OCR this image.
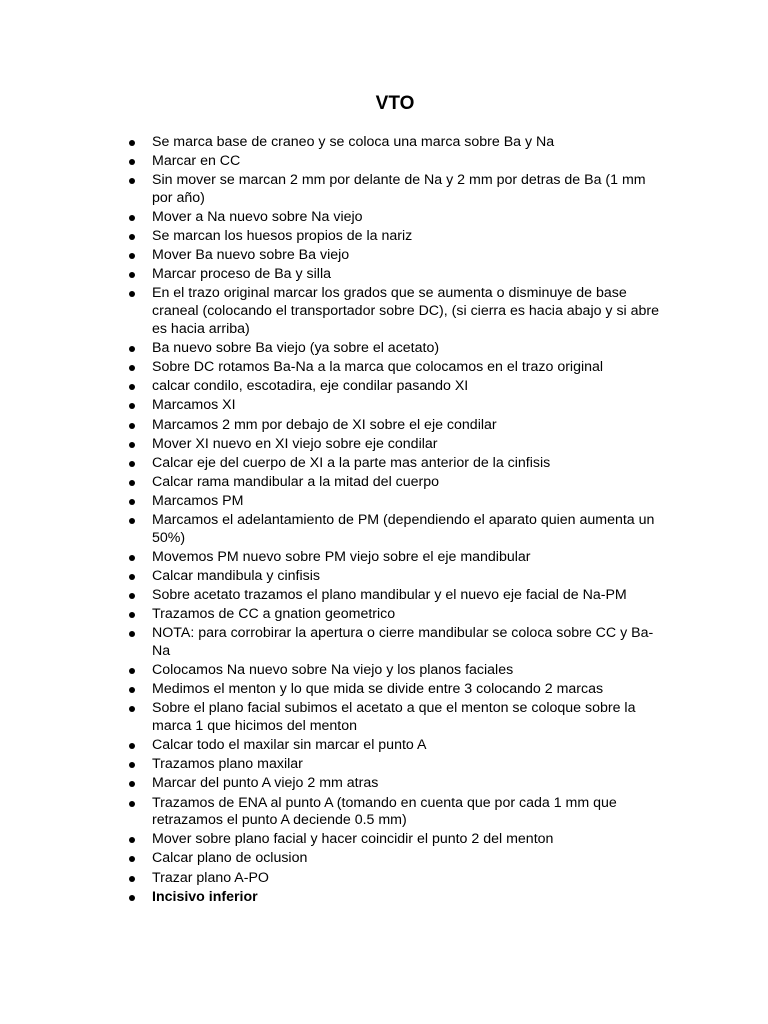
VTO
Se marca base de craneo y se coloca una marca sobre Ba y Na
Marcar en CC
Sin mover se marcan 2 mm por delante de Na y 2 mm por detras de Ba (1 mm por año)
Mover a Na nuevo sobre Na viejo
Se marcan los huesos propios de la nariz
Mover Ba nuevo sobre Ba viejo
Marcar proceso de Ba y silla
En el trazo original marcar los grados que se aumenta o disminuye de base craneal (colocando el transportador sobre DC), (si cierra es hacia abajo y si abre es hacia arriba)
Ba nuevo sobre Ba viejo (ya sobre el acetato)
Sobre DC rotamos Ba-Na a la marca que colocamos en el trazo original
calcar condilo, escotadira, eje condilar pasando XI
Marcamos XI
Marcamos 2 mm por debajo de XI sobre el eje condilar
Mover XI nuevo en XI viejo sobre eje condilar
Calcar eje del cuerpo de XI a la parte mas anterior de la cinfisis
Calcar rama mandibular a la mitad del cuerpo
Marcamos PM
Marcamos el adelantamiento de PM (dependiendo el aparato quien aumenta un 50%)
Movemos PM nuevo sobre PM viejo sobre el eje mandibular
Calcar mandibula y cinfisis
Sobre acetato trazamos el plano mandibular y el nuevo eje facial de Na-PM
Trazamos de CC a gnation geometrico
NOTA: para corrobirar la apertura o cierre mandibular se coloca sobre CC y Ba-Na
Colocamos Na nuevo sobre Na viejo y los planos faciales
Medimos el menton y lo que mida se divide entre 3 colocando 2 marcas
Sobre el plano facial subimos el acetato a que el menton se coloque sobre la marca 1 que hicimos del menton
Calcar todo el maxilar sin marcar el punto A
Trazamos plano maxilar
Marcar del punto A viejo 2 mm atras
Trazamos de ENA al punto A (tomando en cuenta que por cada 1 mm que retrazamos el punto A deciende 0.5 mm)
Mover sobre plano facial y hacer coincidir el punto 2 del menton
Calcar plano de oclusion
Trazar plano A-PO
Incisivo inferior
